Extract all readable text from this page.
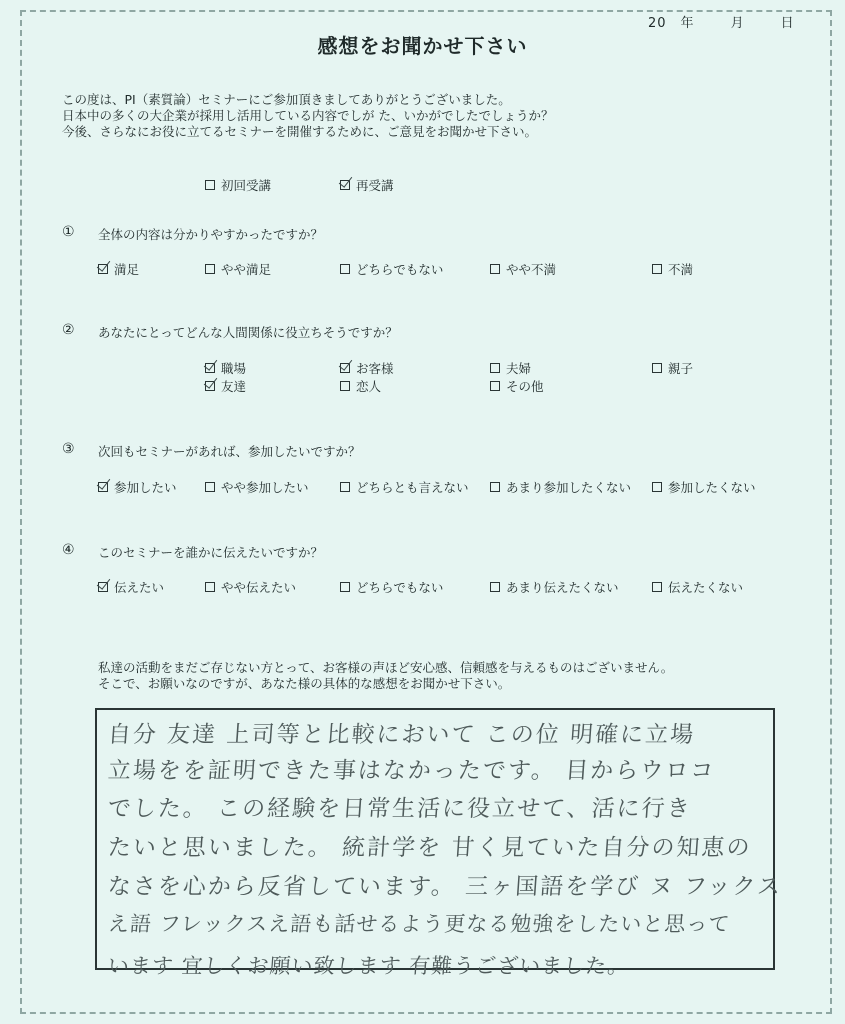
20 年	月	日
感想をお聞かせ下さい
この度は、PI（素質論）セミナーにご参加頂きましてありがとうございました。
日本中の多くの大企業が採用し活用している内容でしが た、いかがでしたでしょうか？
今後、さらなにお役に立てるセミナーを開催するために、ご意見をお聞かせ下さい。
初回受講	再受講
① 全体の内容は分かりやすかったですか？
満足	やや満足	どちらでもない	やや不満	不満
② あなたにとってどんな人間関係に役立ちそうですか？
職場	お客様	夫婦	親子
友達	恋人	その他
③ 次回もセミナーがあれば、参加したいですか？
参加したい	やや参加したい	どちらとも言えない	あまり参加したくない	参加したくない
④ このセミナーを誰かに伝えたいですか？
伝えたい	やや伝えたい	どちらでもない	あまり伝えたくない	伝えたくない
私達の活動をまだご存じない方とって、お客様の声ほど安心感、信頼感を与えるものはございません。
そこで、お願いなのですが、あなた様の具体的な感想をお聞かせ下さい。
自分 友達 上司等と比較において この位 明確に立場
立場をを証明できた事はなかったです。 目からウロコ
でした。 この経験を日常生活に役立せて、活に行き
たいと思いました。 統計学を 甘く見ていた自分の知恵の
なさを心から反省しています。 三ヶ国語を学び ヌ フックス
え語 フレックスえ語も話せるよう更なる勉強をしたいと思って
います 宜しくお願い致します 有難うございました。
